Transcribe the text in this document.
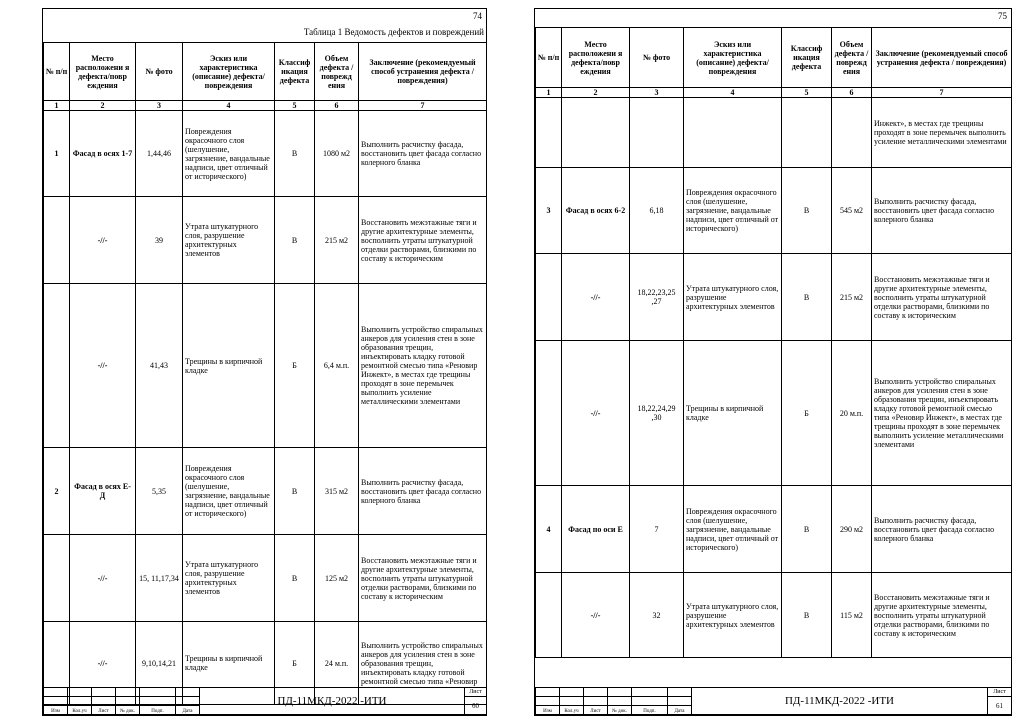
74
Таблица 1 Ведомость дефектов и повреждений
№ п/п	Место расположени я дефекта/повр еждения	№ фото	Эскиз или характеристика (описание) дефекта/повреждения	Классиф икация дефекта	Объем дефекта / поврежд ения	Заключение (рекомендуемый способ устранения дефекта / повреждения)
1	2	3	4	5	6	7
1	Фасад в осях 1-7	1,44,46	Повреждения окрасочного слоя (шелушение, загрязнение, вандальные надписи, цвет отличный от исторического)	В	1080 м2	Выполнить расчистку фасада, восстановить цвет фасада согласно колерного бланка
	-//-	39	Утрата штукатурного слоя, разрушение архитектурных элементов	В	215 м2	Восстановить межэтажные тяги и другие архитектурные элементы, восполнить утраты штукатурной отделки растворами, близкими по составу к историческим
	-//-	41,43	Трещины в кирпичной кладке	Б	6,4 м.п.	Выполнить устройство спиральных анкеров для усиления стен в зоне образования трещин, инъектировать кладку готовой ремонтной смесью типа «Реновир Инжект», в местах где трещины проходят в зоне перемычек выполнить усиление металлическими элементами
2	Фасад в осях Е-Д	5,35	Повреждения окрасочного слоя (шелушение, загрязнение, вандальные надписи, цвет отличный от исторического)	В	315 м2	Выполнить расчистку фасада, восстановить цвет фасада согласно колерного бланка
	-//-	15, 11,17,34	Утрата штукатурного слоя, разрушение архитектурных элементов	В	125 м2	Восстановить межэтажные тяги и другие архитектурные элементы, восполнить утраты штукатурной отделки растворами, близкими по составу к историческим
	-//-	9,10,14,21	Трещины в кирпичной кладке	Б	24 м.п.	Выполнить устройство спиральных анкеров для усиления стен в зоне образования трещин, инъектировать кладку готовой ремонтной смесью типа «Реновир
						ПД-11МКД-2022 -ИТИ	Лист
							60
Изм	Кол.уч	Лист	№ док.	Подп.	Дата		
75
№ п/п	Место расположени я дефекта/повр еждения	№ фото	Эскиз или характеристика (описание) дефекта/повреждения	Классиф икация дефекта	Объем дефекта / поврежд ения	Заключение (рекомендуемый способ устранения дефекта / повреждения)
1	2	3	4	5	6	7
						Инжект», в местах где трещины проходят в зоне перемычек выполнить усиление металлическими элементами
3	Фасад в осях 6-2	6,18	Повреждения окрасочного слоя (шелушение, загрязнение, вандальные надписи, цвет отличный от исторического)	В	545 м2	Выполнить расчистку фасада, восстановить цвет фасада согласно колерного бланка
	-//-	18,22,23,25 ,27	Утрата штукатурного слоя, разрушение архитектурных элементов	В	215 м2	Восстановить межэтажные тяги и другие архитектурные элементы, восполнить утраты штукатурной отделки растворами, близкими по составу к историческим
	-//-	18,22,24,29 ,30	Трещины в кирпичной кладке	Б	20 м.п.	Выполнить устройство спиральных анкеров для усиления стен в зоне образования трещин, инъектировать кладку готовой ремонтной смесью типа «Реновир Инжект», в местах где трещины проходят в зоне перемычек выполнить усиление металлическими элементами
4	Фасад по оси Е	7	Повреждения окрасочного слоя (шелушение, загрязнение, вандальные надписи, цвет отличный от исторического)	В	290 м2	Выполнить расчистку фасада, восстановить цвет фасада согласно колерного бланка
	-//-	32	Утрата штукатурного слоя, разрушение архитектурных элементов	В	115 м2	Восстановить межэтажные тяги и другие архитектурные элементы, восполнить утраты штукатурной отделки растворами, близкими по составу к историческим
						ПД-11МКД-2022 -ИТИ	Лист
							61
Изм	Кол.уч	Лист	№ док.	Подп.	Дата		
